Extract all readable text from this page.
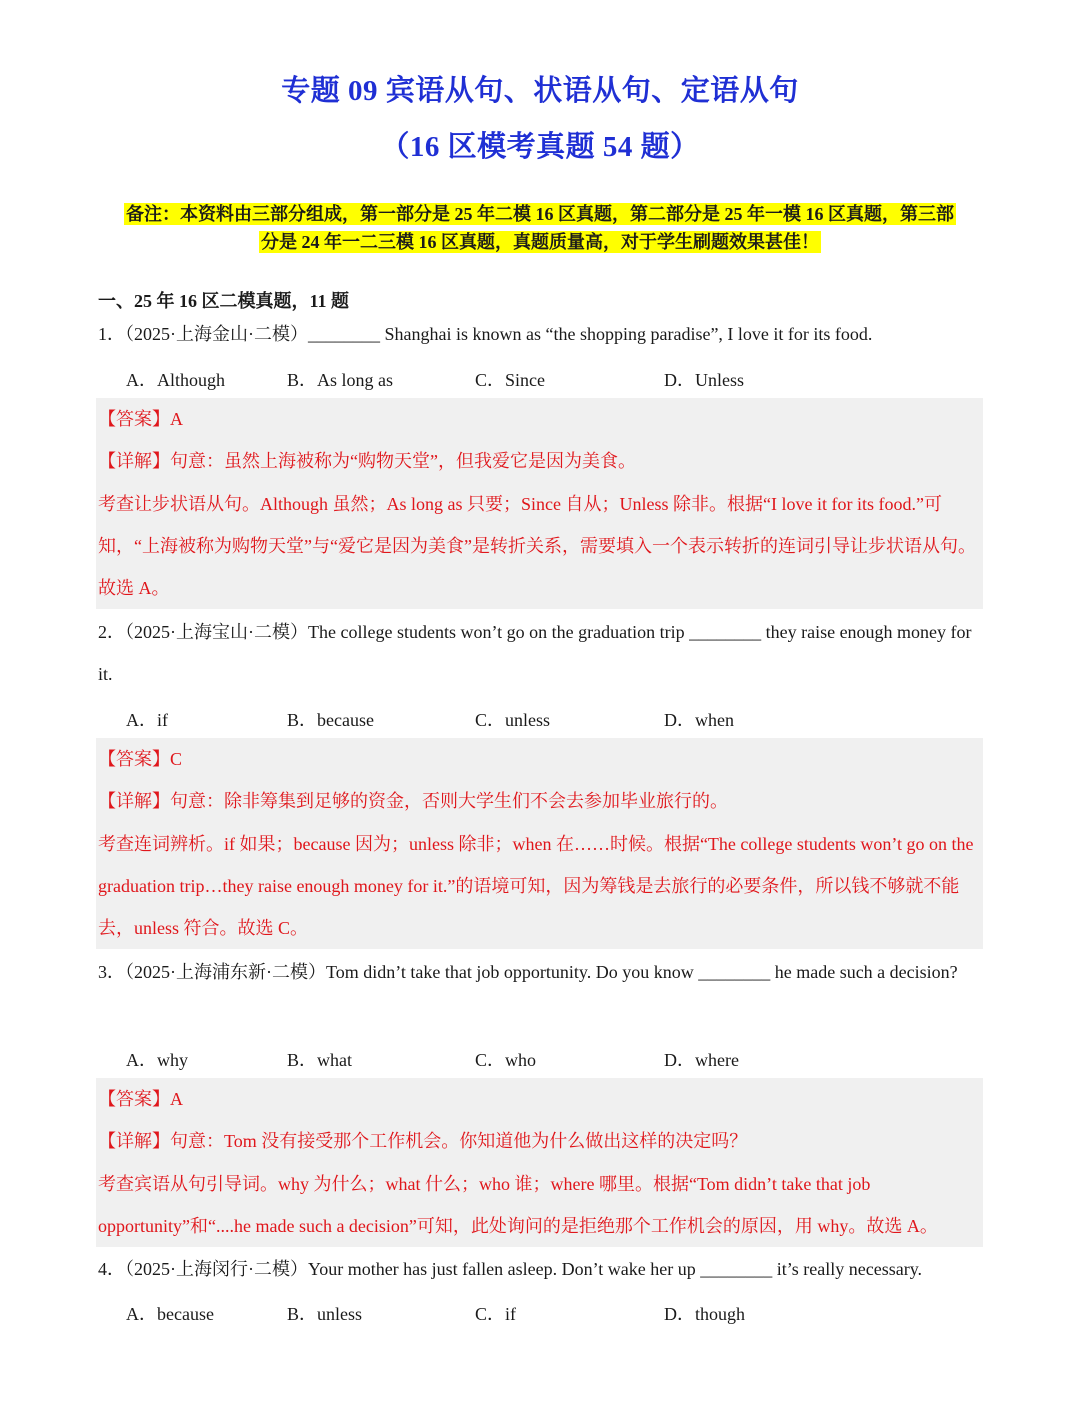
专题 09 宾语从句、状语从句、定语从句
（16 区模考真题 54 题）
备注：本资料由三部分组成，第一部分是 25 年二模 16 区真题，第二部分是 25 年一模 16 区真题，第三部
分是 24 年一二三模 16 区真题，真题质量高，对于学生刷题效果甚佳！
一、25 年 16 区二模真题，11 题
1．（2025·上海金山·二模）________ Shanghai is known as “the shopping paradise”, I love it for its food.
A．Although	B．As long as	C．Since	D．Unless

【答案】A

【详解】句意：虽然上海被称为“购物天堂”，但我爱它是因为美食。

考查让步状语从句。Although 虽然；As long as 只要；Since 自从；Unless 除非。根据“I love it for its food.”可知，“上海被称为购物天堂”与“爱它是因为美食”是转折关系，需要填入一个表示转折的连词引导让步状语从句。故选 A。

2．（2025·上海宝山·二模）The college students won’t go on the graduation trip ________ they raise enough money for it.
A．if	B．because	C．unless	D．when

【答案】C

【详解】句意：除非筹集到足够的资金，否则大学生们不会去参加毕业旅行的。

考查连词辨析。if 如果；because 因为；unless 除非；when 在……时候。根据“The college students won’t go on the graduation trip…they raise enough money for it.”的语境可知，因为筹钱是去旅行的必要条件，所以钱不够就不能去，unless 符合。故选 C。

3．（2025·上海浦东新·二模）Tom didn’t take that job opportunity. Do you know ________ he made such a decision?
A．why	B．what	C．who	D．where

【答案】A

【详解】句意：Tom 没有接受那个工作机会。你知道他为什么做出这样的决定吗？

考查宾语从句引导词。why 为什么；what 什么；who 谁；where 哪里。根据“Tom didn’t take that job opportunity”和“....he made such a decision”可知，此处询问的是拒绝那个工作机会的原因，用 why。故选 A。

4．（2025·上海闵行·二模）Your mother has just fallen asleep. Don’t wake her up ________ it’s really necessary.
A．because	B．unless	C．if	D．though
